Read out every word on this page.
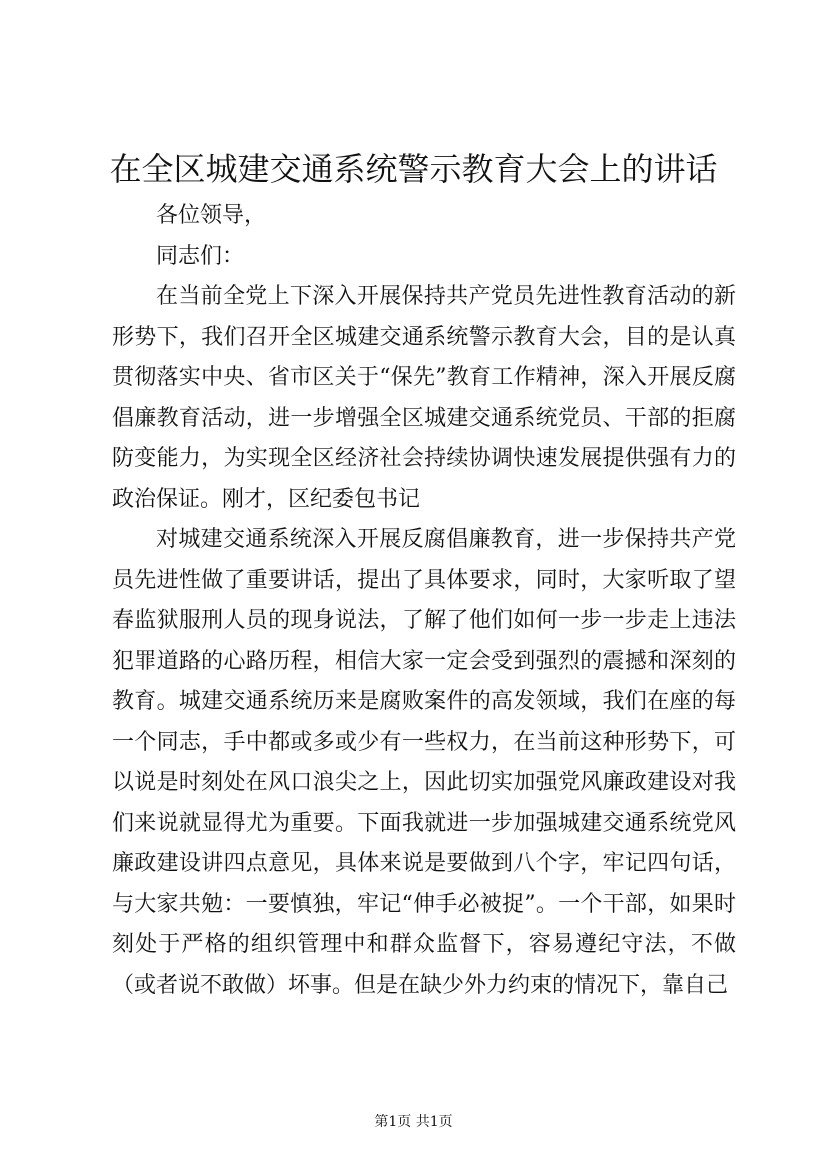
在全区城建交通系统警示教育大会上的讲话

各位领导，

同志们：

在当前全党上下深入开展保持共产党员先进性教育活动的新形势下，我们召开全区城建交通系统警示教育大会，目的是认真贯彻落实中央、省市区关于“保先”教育工作精神，深入开展反腐倡廉教育活动，进一步增强全区城建交通系统党员、干部的拒腐防变能力，为实现全区经济社会持续协调快速发展提供强有力的政治保证。刚才，区纪委包书记

对城建交通系统深入开展反腐倡廉教育，进一步保持共产党员先进性做了重要讲话，提出了具体要求，同时，大家听取了望春监狱服刑人员的现身说法，了解了他们如何一步一步走上违法犯罪道路的心路历程，相信大家一定会受到强烈的震撼和深刻的教育。城建交通系统历来是腐败案件的高发领域，我们在座的每一个同志，手中都或多或少有一些权力，在当前这种形势下，可以说是时刻处在风口浪尖之上，因此切实加强党风廉政建设对我们来说就显得尤为重要。下面我就进一步加强城建交通系统党风廉政建设讲四点意见，具体来说是要做到八个字，牢记四句话，与大家共勉：一要慎独，牢记“伸手必被捉”。一个干部，如果时刻处于严格的组织管理中和群众监督下，容易遵纪守法，不做（或者说不敢做）坏事。但是在缺少外力约束的情况下，靠自己

第1页 共1页
